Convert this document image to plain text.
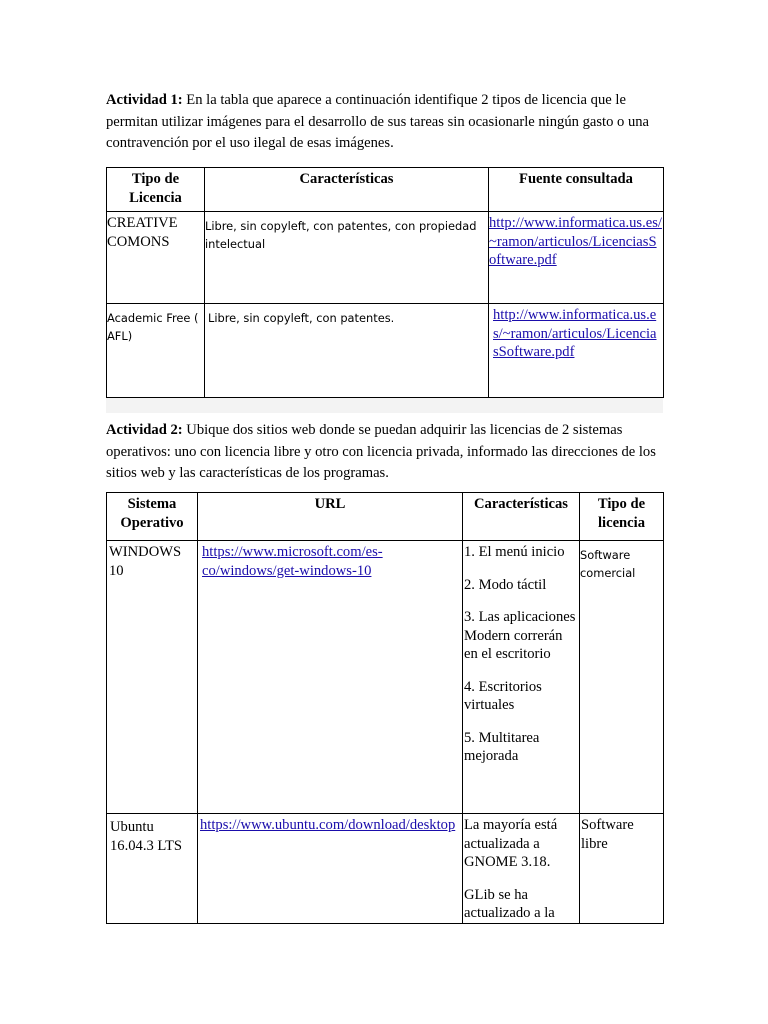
Actividad 1: En la tabla que aparece a continuación identifique 2 tipos de licencia que le permitan utilizar imágenes para el desarrollo de sus tareas sin ocasionarle ningún gasto o una contravención por el uso ilegal de esas imágenes.
Tipo de Licencia	Características	Fuente consultada
CREATIVE COMONS	Libre, sin copyleft, con patentes, con propiedad intelectual	http://www.informatica.us.es/~ramon/articulos/LicenciasSoftware.pdf
Academic Free ( AFL)	Libre, sin copyleft, con patentes.	http://www.informatica.us.es/~ramon/articulos/LicenciasSoftware.pdf
Actividad 2: Ubique dos sitios web donde se puedan adquirir las licencias de 2 sistemas operativos: uno con licencia libre y otro con licencia privada, informado las direcciones de los sitios web y las características de los programas.
Sistema Operativo	URL	Características	Tipo de licencia
WINDOWS 10	https://www.microsoft.com/es-co/windows/get-windows-10	1. El menú inicio

2. Modo táctil

3. Las aplicaciones Modern correrán en el escritorio

4. Escritorios virtuales

5. Multitarea mejorada	Software comercial
Ubuntu 16.04.3 LTS	https://www.ubuntu.com/download/desktop	La mayoría está actualizada a GNOME 3.18.

GLib se ha actualizado a la	Software libre
